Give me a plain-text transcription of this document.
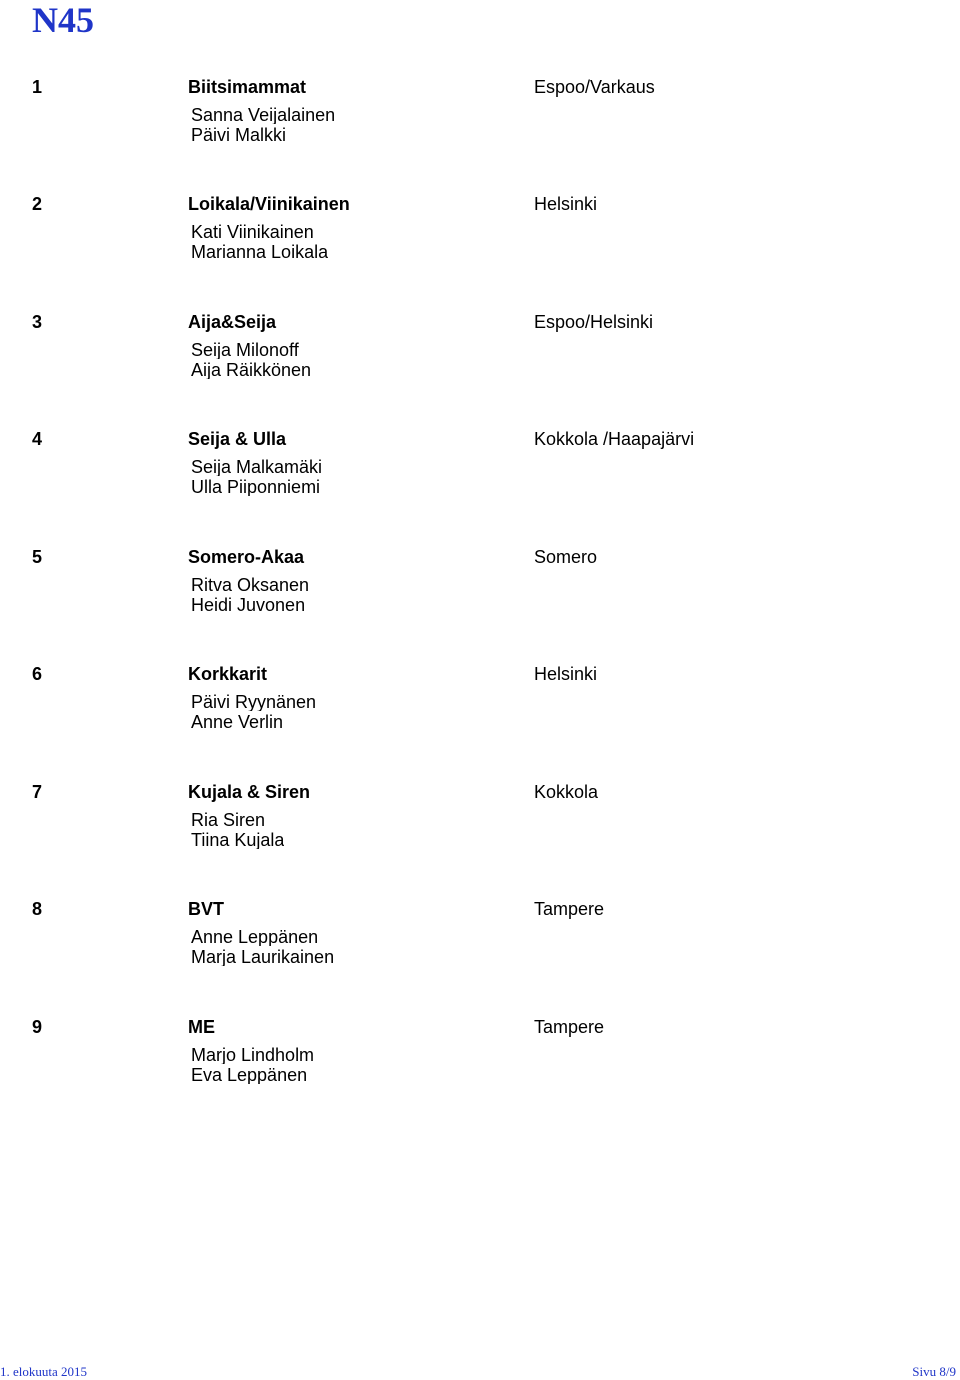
N45
1	Biitsimammat	Espoo/Varkaus
Sanna Veijalainen
Päivi Malkki
2	Loikala/Viinikainen	Helsinki
Kati Viinikainen
Marianna Loikala
3	Aija&Seija	Espoo/Helsinki
Seija Milonoff
Aija Räikkönen
4	Seija & Ulla	Kokkola /Haapajärvi
Seija Malkamäki
Ulla Piiponniemi
5	Somero-Akaa	Somero
Ritva Oksanen
Heidi Juvonen
6	Korkkarit	Helsinki
Päivi Ryynänen
Anne Verlin
7	Kujala & Siren	Kokkola
Ria Siren
Tiina Kujala
8	BVT	Tampere
Anne Leppänen
Marja Laurikainen
9	ME	Tampere
Marjo Lindholm
Eva Leppänen
1. elokuuta 2015	Sivu 8/9
